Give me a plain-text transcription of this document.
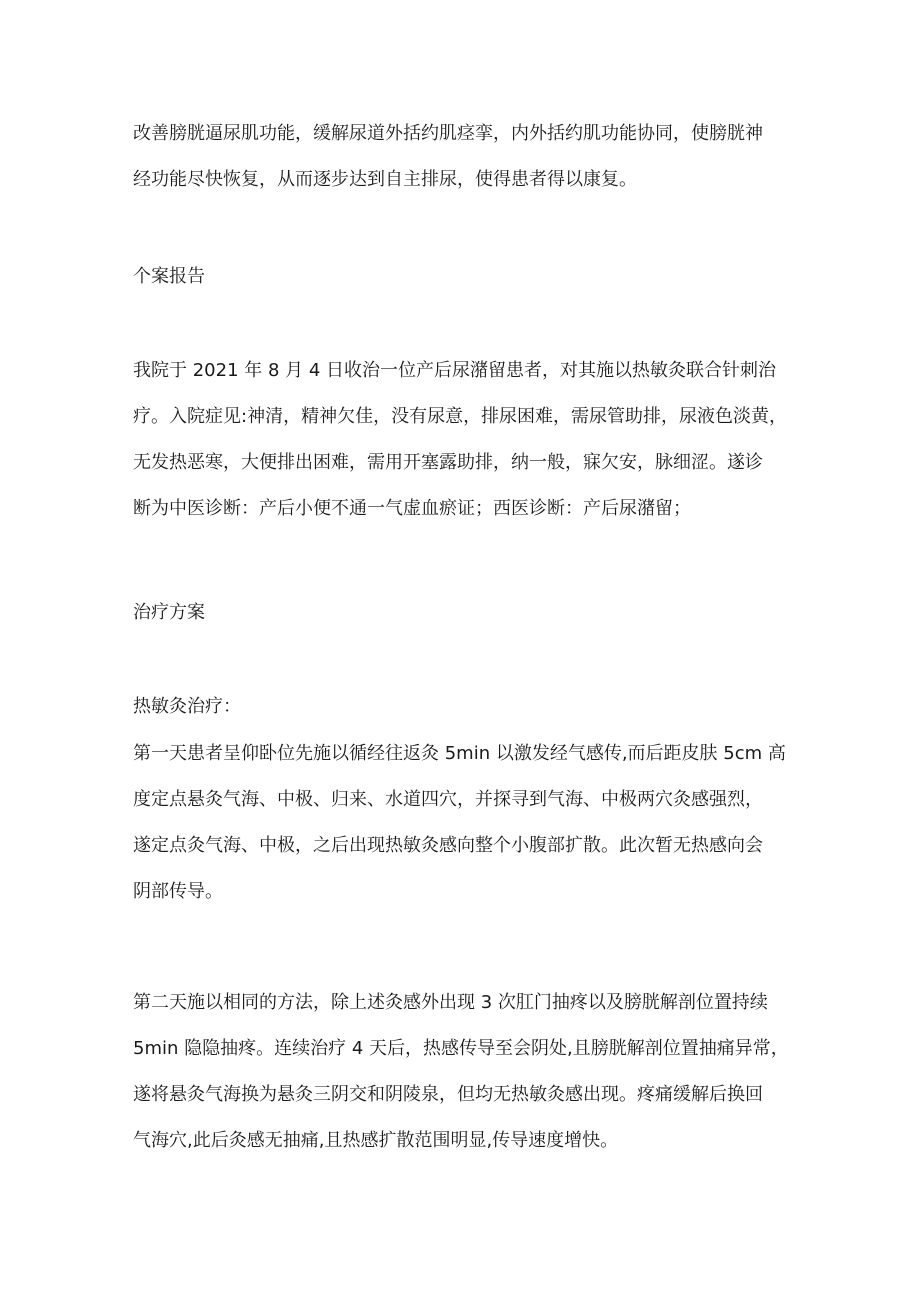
改善膀胱逼尿肌功能，缓解尿道外括约肌痉挛，内外括约肌功能协同，使膀胱神
经功能尽快恢复，从而逐步达到自主排尿，使得患者得以康复。
个案报告
我院于 2021 年 8 月 4 日收治一位产后尿潴留患者，对其施以热敏灸联合针刺治
疗。入院症见:神清，精神欠佳，没有尿意，排尿困难，需尿管助排，尿液色淡黄，
无发热恶寒，大便排出困难，需用开塞露助排，纳一般，寐欠安，脉细涩。遂诊
断为中医诊断：产后小便不通一气虚血瘀证；西医诊断：产后尿潴留；
治疗方案
热敏灸治疗：
第一天患者呈仰卧位先施以循经往返灸 5min 以激发经气感传,而后距皮肤 5cm 高
度定点悬灸气海、中极、归来、水道四穴，并探寻到气海、中极两穴灸感强烈，
遂定点灸气海、中极，之后出现热敏灸感向整个小腹部扩散。此次暂无热感向会
阴部传导。
第二天施以相同的方法，除上述灸感外出现 3 次肛门抽疼以及膀胱解剖位置持续
5min 隐隐抽疼。连续治疗 4 天后，热感传导至会阴处,且膀胱解剖位置抽痛异常，
遂将悬灸气海换为悬灸三阴交和阴陵泉，但均无热敏灸感出现。疼痛缓解后换回
气海穴,此后灸感无抽痛,且热感扩散范围明显,传导速度增快。
